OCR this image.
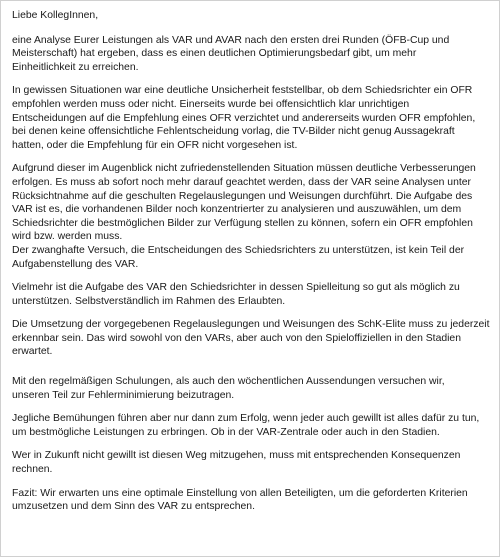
Liebe KollegInnen,

eine Analyse Eurer Leistungen als VAR und AVAR nach den ersten drei Runden (ÖFB-Cup und
Meisterschaft) hat ergeben, dass es einen deutlichen Optimierungsbedarf gibt, um mehr
Einheitlichkeit zu erreichen.

In gewissen Situationen war eine deutliche Unsicherheit feststellbar, ob dem Schiedsrichter ein OFR
empfohlen werden muss oder nicht. Einerseits wurde bei offensichtlich klar unrichtigen
Entscheidungen auf die Empfehlung eines OFR verzichtet und andererseits wurden OFR empfohlen,
bei denen keine offensichtliche Fehlentscheidung vorlag, die TV-Bilder nicht genug Aussagekraft
hatten, oder die Empfehlung für ein OFR nicht vorgesehen ist.

Aufgrund dieser im Augenblick nicht zufriedenstellenden Situation müssen deutliche Verbesserungen
erfolgen. Es muss ab sofort noch mehr darauf geachtet werden, dass der VAR seine Analysen unter
Rücksichtnahme auf die geschulten Regelauslegungen und Weisungen durchführt. Die Aufgabe des
VAR ist es, die vorhandenen Bilder noch konzentrierter zu analysieren und auszuwählen, um dem
Schiedsrichter die bestmöglichen Bilder zur Verfügung stellen zu können, sofern ein OFR empfohlen
wird bzw. werden muss.

Der zwanghafte Versuch, die Entscheidungen des Schiedsrichters zu unterstützen, ist kein Teil der
Aufgabenstellung des VAR.

Vielmehr ist die Aufgabe des VAR den Schiedsrichter in dessen Spielleitung so gut als möglich zu
unterstützen. Selbstverständlich im Rahmen des Erlaubten.

Die Umsetzung der vorgegebenen Regelauslegungen und Weisungen des SchK-Elite muss zu jederzeit
erkennbar sein. Das wird sowohl von den VARs, aber auch von den Spieloffiziellen in den Stadien
erwartet.

Mit den regelmäßigen Schulungen, als auch den wöchentlichen Aussendungen versuchen wir,
unseren Teil zur Fehlerminimierung beizutragen.

Jegliche Bemühungen führen aber nur dann zum Erfolg, wenn jeder auch gewillt ist alles dafür zu tun,
um bestmögliche Leistungen zu erbringen. Ob in der VAR-Zentrale oder auch in den Stadien.

Wer in Zukunft nicht gewillt ist diesen Weg mitzugehen, muss mit entsprechenden Konsequenzen
rechnen.

Fazit: Wir erwarten uns eine optimale Einstellung von allen Beteiligten, um die geforderten Kriterien
umzusetzen und dem Sinn des VAR zu entsprechen.
